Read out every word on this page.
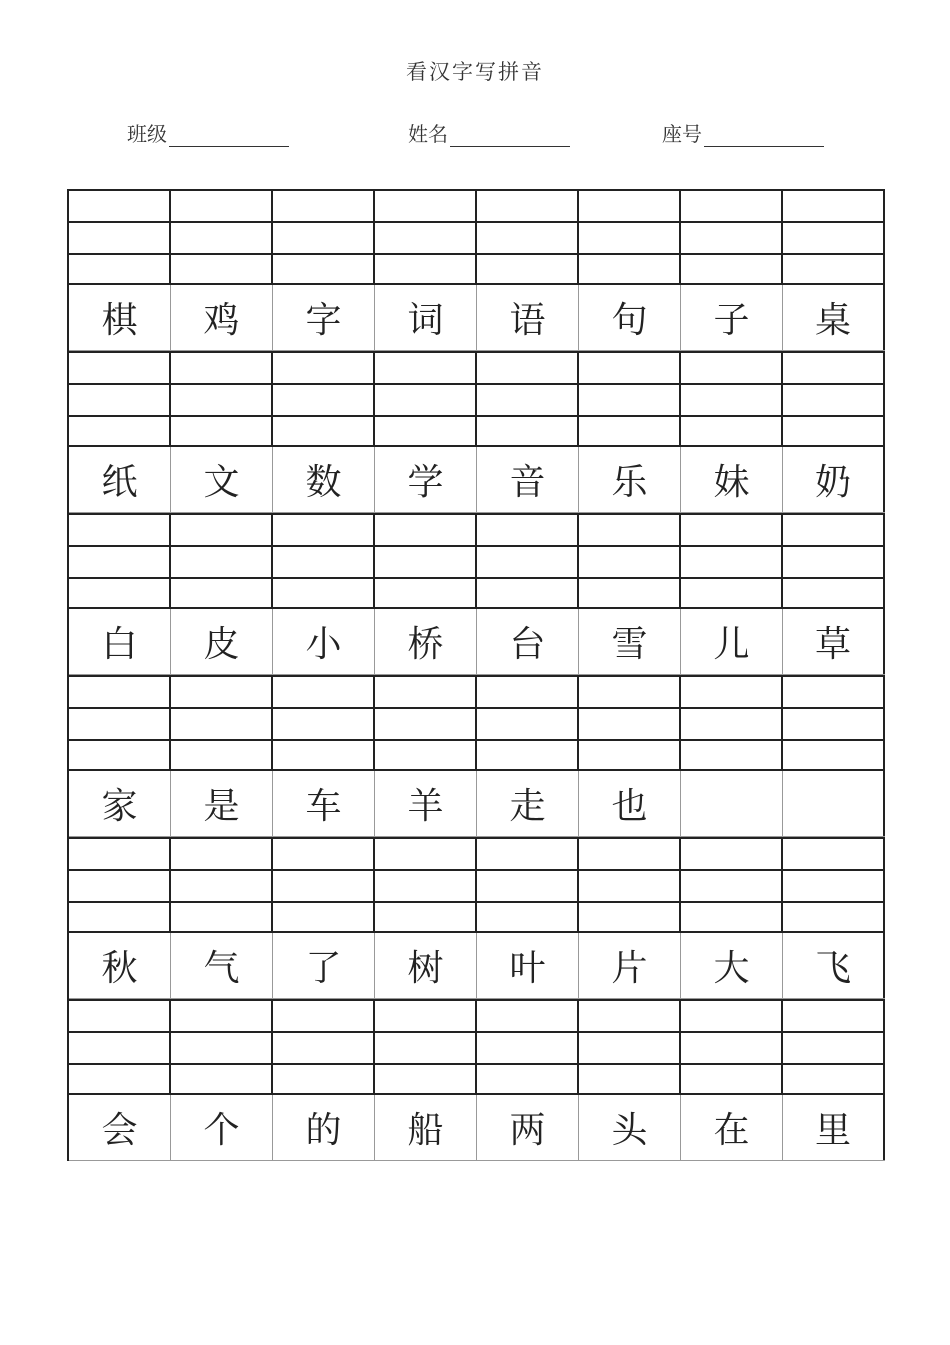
看汉字写拼音
班级	姓名	座号
棋	鸡	字	词	语	句	子	桌
纸	文	数	学	音	乐	妹	奶
白	皮	小	桥	台	雪	儿	草
家	是	车	羊	走	也
秋	气	了	树	叶	片	大	飞
会	个	的	船	两	头	在	里
